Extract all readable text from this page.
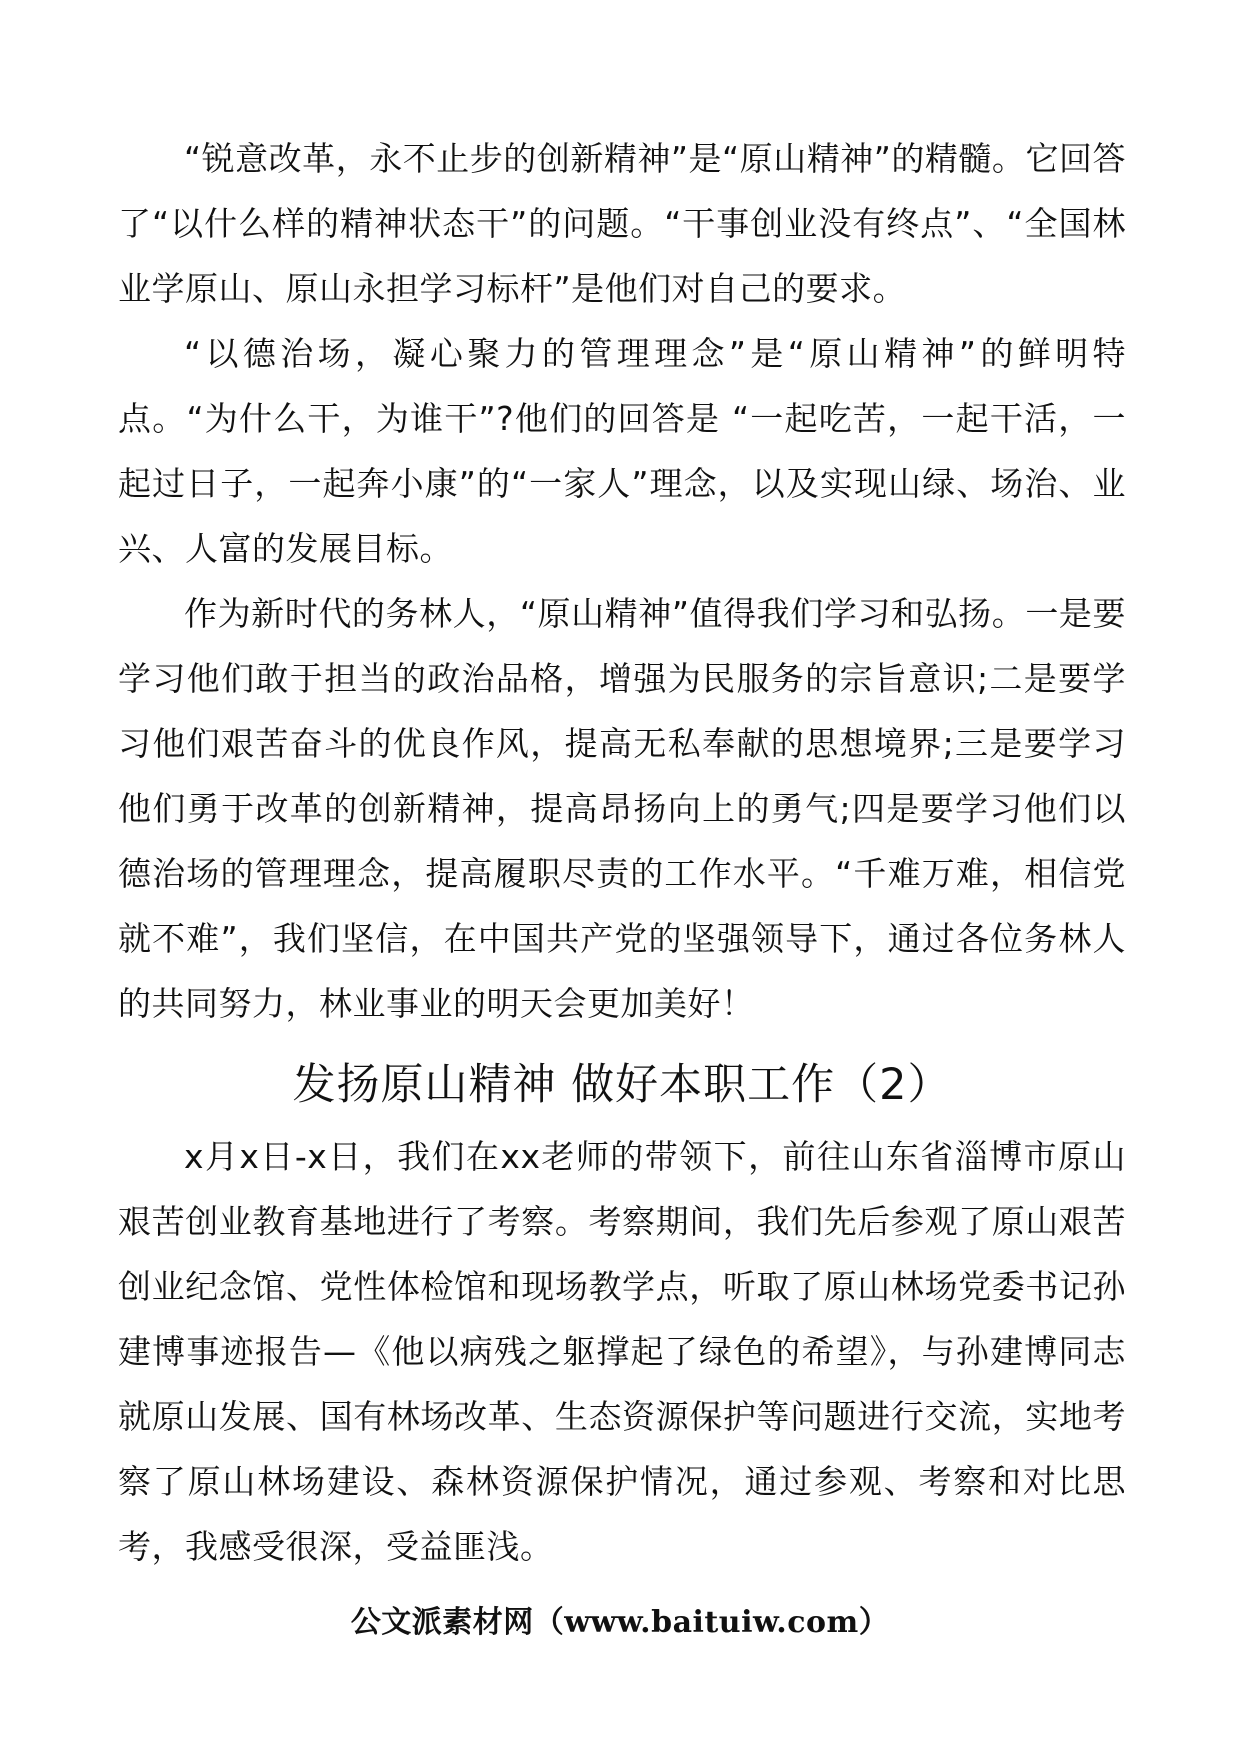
“锐意改革，永不止步的创新精神”是“原山精神”的精髓。它回答了“以什么样的精神状态干”的问题。“干事创业没有终点”、“全国林业学原山、原山永担学习标杆”是他们对自己的要求。

“以德治场，凝心聚力的管理理念”是“原山精神”的鲜明特点。“为什么干，为谁干”?他们的回答是 “一起吃苦，一起干活，一起过日子，一起奔小康”的“一家人”理念，以及实现山绿、场治、业兴、人富的发展目标。

作为新时代的务林人，“原山精神”值得我们学习和弘扬。一是要学习他们敢于担当的政治品格，增强为民服务的宗旨意识;二是要学习他们艰苦奋斗的优良作风，提高无私奉献的思想境界;三是要学习他们勇于改革的创新精神，提高昂扬向上的勇气;四是要学习他们以德治场的管理理念，提高履职尽责的工作水平。“千难万难，相信党就不难”，我们坚信，在中国共产党的坚强领导下，通过各位务林人的共同努力，林业事业的明天会更加美好！

发扬原山精神 做好本职工作（2）

x月x日-x日，我们在xx老师的带领下，前往山东省淄博市原山艰苦创业教育基地进行了考察。考察期间，我们先后参观了原山艰苦创业纪念馆、党性体检馆和现场教学点，听取了原山林场党委书记孙建博事迹报告—《他以病残之躯撑起了绿色的希望》，与孙建博同志就原山发展、国有林场改革、生态资源保护等问题进行交流，实地考察了原山林场建设、森林资源保护情况，通过参观、考察和对比思考，我感受很深，受益匪浅。

公文派素材网（www.baituiw.com）
